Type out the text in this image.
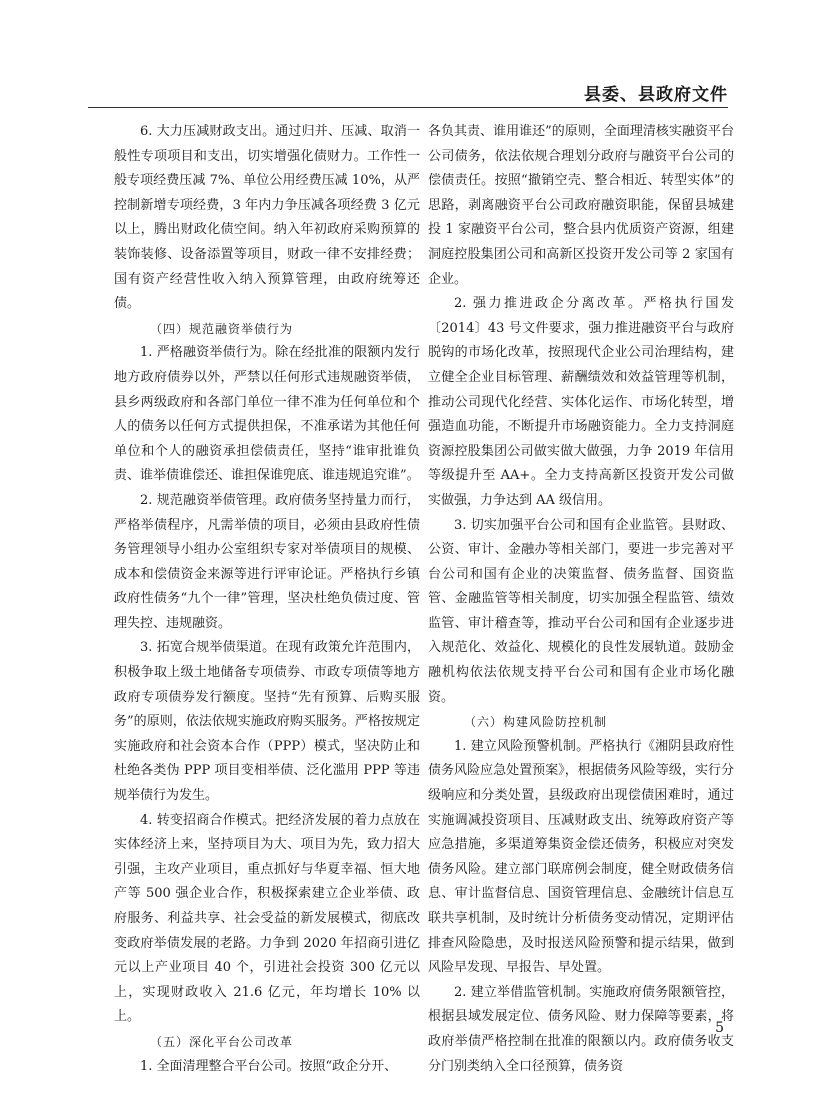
县委、县政府文件

6. 大力压减财政支出。通过归并、压减、取消一般性专项项目和支出，切实增强化债财力。工作性一般专项经费压减 7%、单位公用经费压减 10%，从严控制新增专项经费，3 年内力争压减各项经费 3 亿元以上，腾出财政化债空间。纳入年初政府采购预算的装饰装修、设备添置等项目，财政一律不安排经费；国有资产经营性收入纳入预算管理，由政府统筹还债。

（四）规范融资举债行为

1. 严格融资举债行为。除在经批准的限额内发行地方政府债券以外，严禁以任何形式违规融资举债，县乡两级政府和各部门单位一律不准为任何单位和个人的债务以任何方式提供担保，不准承诺为其他任何单位和个人的融资承担偿债责任，坚持“谁审批谁负责、谁举债谁偿还、谁担保谁兜底、谁违规追究谁”。

2. 规范融资举债管理。政府债务坚持量力而行，严格举债程序，凡需举债的项目，必须由县政府性债务管理领导小组办公室组织专家对举债项目的规模、成本和偿债资金来源等进行评审论证。严格执行乡镇政府性债务“九个一律”管理，坚决杜绝负债过度、管理失控、违规融资。

3. 拓宽合规举债渠道。在现有政策允许范围内，积极争取上级土地储备专项债券、市政专项债等地方政府专项债券发行额度。坚持“先有预算、后购买服务”的原则，依法依规实施政府购买服务。严格按规定实施政府和社会资本合作（PPP）模式，坚决防止和杜绝各类伪 PPP 项目变相举债、泛化滥用 PPP 等违规举债行为发生。

4. 转变招商合作模式。把经济发展的着力点放在实体经济上来，坚持项目为大、项目为先，致力招大引强，主攻产业项目，重点抓好与华夏幸福、恒大地产等 500 强企业合作，积极探索建立企业举债、政府服务、利益共享、社会受益的新发展模式，彻底改变政府举债发展的老路。力争到 2020 年招商引进亿元以上产业项目 40 个，引进社会投资 300 亿元以上，实现财政收入 21.6 亿元，年均增长 10% 以上。

（五）深化平台公司改革

1. 全面清理整合平台公司。按照“政企分开、

各负其责、谁用谁还”的原则，全面理清核实融资平台公司债务，依法依规合理划分政府与融资平台公司的偿债责任。按照“撤销空壳、整合相近、转型实体”的思路，剥离融资平台公司政府融资职能，保留县城建投 1 家融资平台公司，整合县内优质资产资源，组建洞庭控股集团公司和高新区投资开发公司等 2 家国有企业。

2. 强力推进政企分离改革。严格执行国发〔2014〕43 号文件要求，强力推进融资平台与政府脱钩的市场化改革，按照现代企业公司治理结构，建立健全企业目标管理、薪酬绩效和效益管理等机制，推动公司现代化经营、实体化运作、市场化转型，增强造血功能，不断提升市场融资能力。全力支持洞庭资源控股集团公司做实做大做强，力争 2019 年信用等级提升至 AA+。全力支持高新区投资开发公司做实做强，力争达到 AA 级信用。

3. 切实加强平台公司和国有企业监管。县财政、公资、审计、金融办等相关部门，要进一步完善对平台公司和国有企业的决策监督、债务监督、国资监管、金融监管等相关制度，切实加强全程监管、绩效监管、审计稽查等，推动平台公司和国有企业逐步进入规范化、效益化、规模化的良性发展轨道。鼓励金融机构依法依规支持平台公司和国有企业市场化融资。

（六）构建风险防控机制

1. 建立风险预警机制。严格执行《湘阴县政府性债务风险应急处置预案》，根据债务风险等级，实行分级响应和分类处置，县级政府出现偿债困难时，通过实施调减投资项目、压减财政支出、统筹政府资产等应急措施，多渠道筹集资金偿还债务，积极应对突发债务风险。建立部门联席例会制度，健全财政债务信息、审计监督信息、国资管理信息、金融统计信息互联共享机制，及时统计分析债务变动情况，定期评估排查风险隐患，及时报送风险预警和提示结果，做到风险早发现、早报告、早处置。

2. 建立举借监管机制。实施政府债务限额管控，根据县域发展定位、债务风险、财力保障等要素，将政府举债严格控制在批准的限额以内。政府债务收支分门别类纳入全口径预算，债务资

5
